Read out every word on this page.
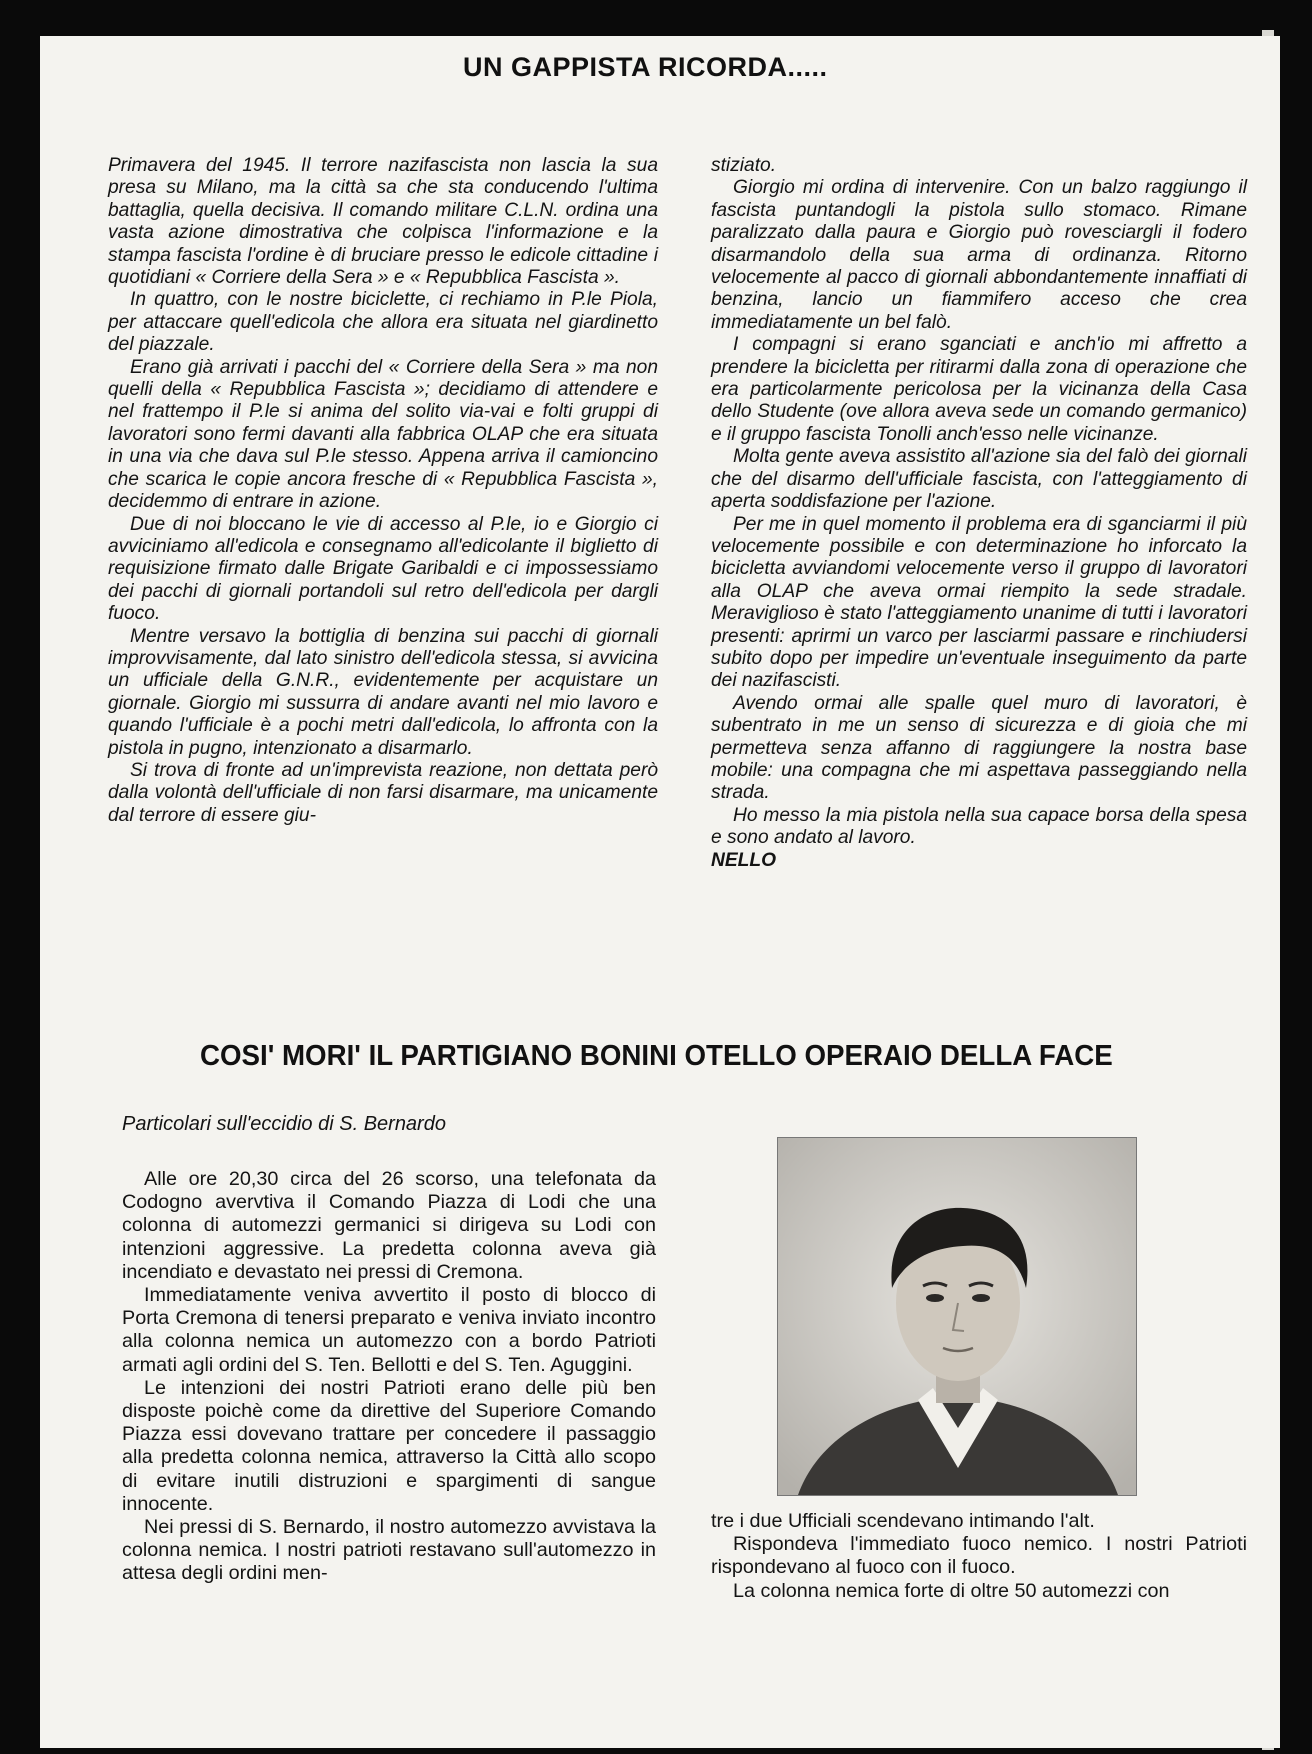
UN GAPPISTA RICORDA.....

Primavera del 1945. Il terrore nazifascista non lascia la sua presa su Milano, ma la città sa che sta conducendo l'ultima battaglia, quella decisiva. Il comando militare C.L.N. ordina una vasta azione dimostrativa che colpisca l'informazione e la stampa fascista l'ordine è di bruciare presso le edicole cittadine i quotidiani « Corriere della Sera » e « Repubblica Fascista ».

In quattro, con le nostre biciclette, ci rechiamo in P.le Piola, per attaccare quell'edicola che allora era situata nel giardinetto del piazzale.

Erano già arrivati i pacchi del « Corriere della Sera » ma non quelli della « Repubblica Fascista »; decidiamo di attendere e nel frattempo il P.le si anima del solito via-vai e folti gruppi di lavoratori sono fermi davanti alla fabbrica OLAP che era situata in una via che dava sul P.le stesso. Appena arriva il camioncino che scarica le copie ancora fresche di « Repubblica Fascista », decidemmo di entrare in azione.

Due di noi bloccano le vie di accesso al P.le, io e Giorgio ci avviciniamo all'edicola e consegnamo all'edicolante il biglietto di requisizione firmato dalle Brigate Garibaldi e ci impossessiamo dei pacchi di giornali portandoli sul retro dell'edicola per dargli fuoco.

Mentre versavo la bottiglia di benzina sui pacchi di giornali improvvisamente, dal lato sinistro dell'edicola stessa, si avvicina un ufficiale della G.N.R., evidentemente per acquistare un giornale. Giorgio mi sussurra di andare avanti nel mio lavoro e quando l'ufficiale è a pochi metri dall'edicola, lo affronta con la pistola in pugno, intenzionato a disarmarlo.

Si trova di fronte ad un'imprevista reazione, non dettata però dalla volontà dell'ufficiale di non farsi disarmare, ma unicamente dal terrore di essere giu-

stiziato.

Giorgio mi ordina di intervenire. Con un balzo raggiungo il fascista puntandogli la pistola sullo stomaco. Rimane paralizzato dalla paura e Giorgio può rovesciargli il fodero disarmandolo della sua arma di ordinanza. Ritorno velocemente al pacco di giornali abbondantemente innaffiati di benzina, lancio un fiammifero acceso che crea immediatamente un bel falò.

I compagni si erano sganciati e anch'io mi affretto a prendere la bicicletta per ritirarmi dalla zona di operazione che era particolarmente pericolosa per la vicinanza della Casa dello Studente (ove allora aveva sede un comando germanico) e il gruppo fascista Tonolli anch'esso nelle vicinanze.

Molta gente aveva assistito all'azione sia del falò dei giornali che del disarmo dell'ufficiale fascista, con l'atteggiamento di aperta soddisfazione per l'azione.

Per me in quel momento il problema era di sganciarmi il più velocemente possibile e con determinazione ho inforcato la bicicletta avviandomi velocemente verso il gruppo di lavoratori alla OLAP che aveva ormai riempito la sede stradale. Meraviglioso è stato l'atteggiamento unanime di tutti i lavoratori presenti: aprirmi un varco per lasciarmi passare e rinchiudersi subito dopo per impedire un'eventuale inseguimento da parte dei nazifascisti.

Avendo ormai alle spalle quel muro di lavoratori, è subentrato in me un senso di sicurezza e di gioia che mi permetteva senza affanno di raggiungere la nostra base mobile: una compagna che mi aspettava passeggiando nella strada.

Ho messo la mia pistola nella sua capace borsa della spesa e sono andato al lavoro.

NELLO

COSI' MORI' IL PARTIGIANO BONINI OTELLO OPERAIO DELLA FACE

Particolari sull'eccidio di S. Bernardo

Alle ore 20,30 circa del 26 scorso, una telefonata da Codogno avervtiva il Comando Piazza di Lodi che una colonna di automezzi germanici si dirigeva su Lodi con intenzioni aggressive. La predetta colonna aveva già incendiato e devastato nei pressi di Cremona.

Immediatamente veniva avvertito il posto di blocco di Porta Cremona di tenersi preparato e veniva inviato incontro alla colonna nemica un automezzo con a bordo Patrioti armati agli ordini del S. Ten. Bellotti e del S. Ten. Aguggini.

Le intenzioni dei nostri Patrioti erano delle più ben disposte poichè come da direttive del Superiore Comando Piazza essi dovevano trattare per concedere il passaggio alla predetta colonna nemica, attraverso la Città allo scopo di evitare inutili distruzioni e spargimenti di sangue innocente.

Nei pressi di S. Bernardo, il nostro automezzo avvistava la colonna nemica. I nostri patrioti restavano sull'automezzo in attesa degli ordini men-

tre i due Ufficiali scendevano intimando l'alt.

Rispondeva l'immediato fuoco nemico. I nostri Patrioti rispondevano al fuoco con il fuoco.

La colonna nemica forte di oltre 50 automezzi con
